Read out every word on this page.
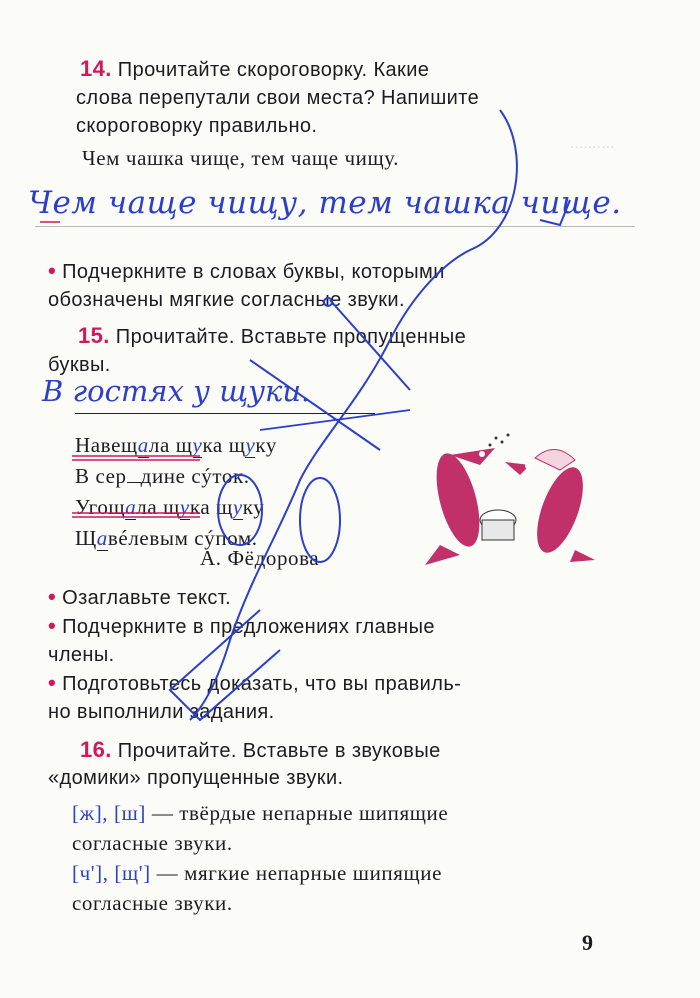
..........

14. Прочитайте скороговорку. Какие

слова перепутали свои места? Напишите

скороговорку правильно.

Чем чашка чище, тем чаще чищу.
Чем чаще чищу, тем чашка чище.

• Подчеркните в словах буквы, которыми

обозначены мягкие согласные звуки.

15. Прочитайте. Вставьте пропущенные

буквы.

В гостях у щуки.
Навещала щука щуку
В сер дине сýток.
Угощала щука щуку
Щавéлевым сýпом.
А. Фёдорова

• Озаглавьте текст.

• Подчеркните в предложениях главные

члены.

• Подготовьтесь доказать, что вы правиль-

но выполнили задания.

16. Прочитайте. Вставьте в звуковые

«домики» пропущенные звуки.

[ж], [ш] — твёрдые непарные шипящие
согласные звуки.
[ч'], [щ'] — мягкие непарные шипящие
согласные звуки.
9
